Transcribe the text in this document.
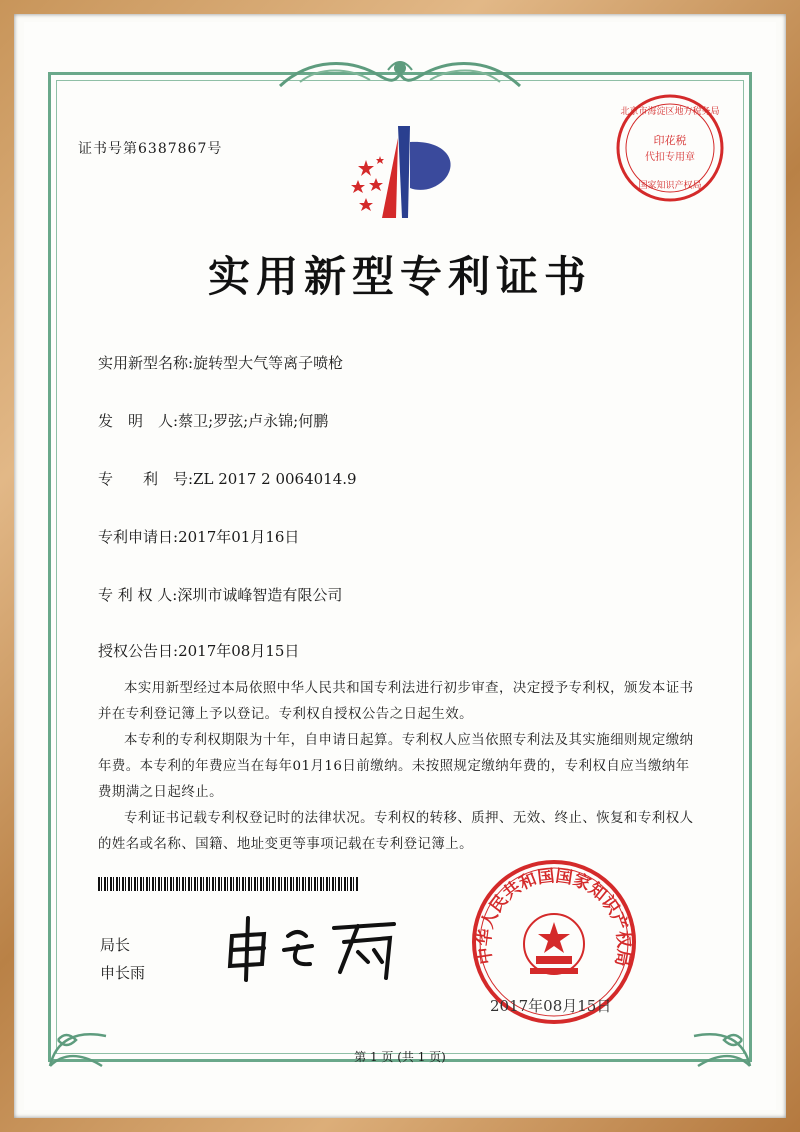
证书号第6387867号
印花税
代扣专用章
北京市海淀区地方税务局
国家知识产权局
实用新型专利证书
实用新型名称:旋转型大气等离子喷枪
发　明　人:蔡卫;罗弦;卢永锦;何鹏
专　　利　号:ZL 2017 2 0064014.9
专利申请日:2017年01月16日
专 利 权 人:深圳市诚峰智造有限公司
授权公告日:2017年08月15日
本实用新型经过本局依照中华人民共和国专利法进行初步审查，决定授予专利权，颁发本证书并在专利登记簿上予以登记。专利权自授权公告之日起生效。
本专利的专利权期限为十年，自申请日起算。专利权人应当依照专利法及其实施细则规定缴纳年费。本专利的年费应当在每年01月16日前缴纳。未按照规定缴纳年费的，专利权自应当缴纳年费期满之日起终止。
专利证书记载专利权登记时的法律状况。专利权的转移、质押、无效、终止、恢复和专利权人的姓名或名称、国籍、地址变更等事项记载在专利登记簿上。
局长
申长雨
中华人民共和国国家知识产权局
2017年08月15日
第 1 页 (共 1 页)
